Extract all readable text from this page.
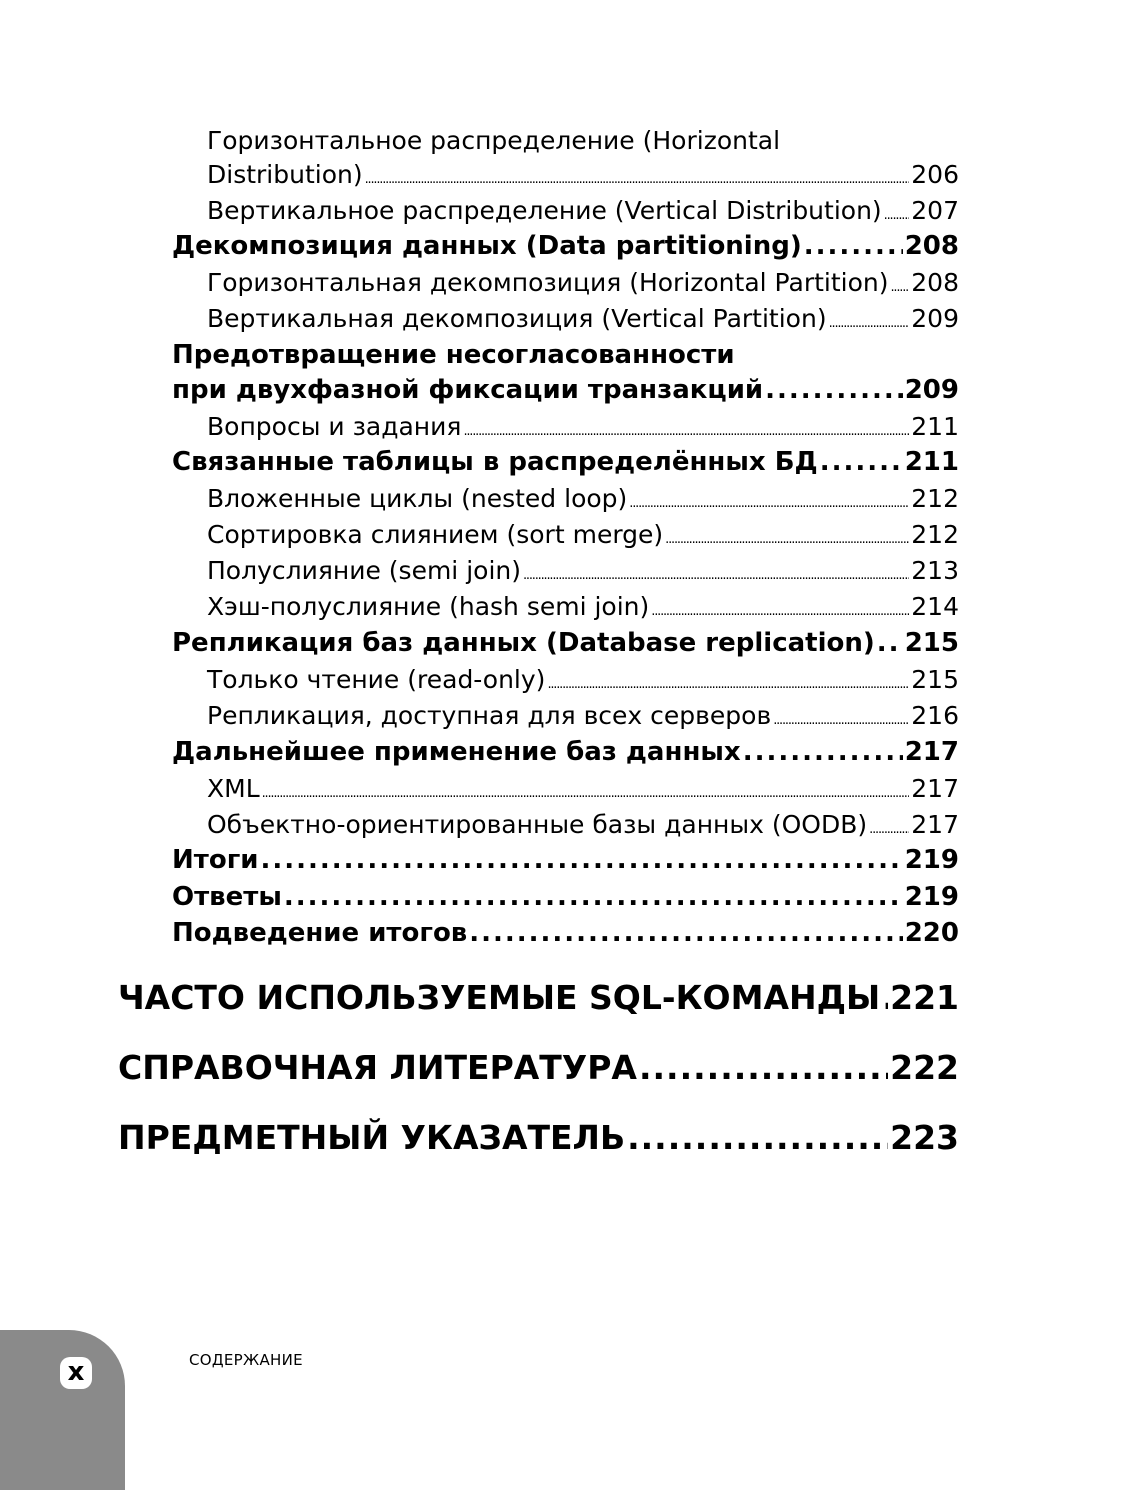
Горизонтальное распределение (Horizontal
Distribution) .....	206
Вертикальное распределение (Vertical Distribution) ..... 207
Декомпозиция данных (Data partitioning) .....	208
Горизонтальная декомпозиция (Horizontal Partition) ..... 208
Вертикальная декомпозиция (Vertical Partition) .....	209
Предотвращение несогласованности
при двухфазной фиксации транзакций .....	209
Вопросы и задания .....	211
Связанные таблицы в распределённых БД .....	211
Вложенные циклы (nested loop) .....	212
Сортировка слиянием (sort merge) .....	212
Полуслияние (semi join) .....	213
Хэш-полуслияние (hash semi join) .....	214
Репликация баз данных (Database replication) ..... 215
Только чтение (read-only) .....	215
Репликация, доступная для всех серверов .....	216
Дальнейшее применение баз данных .....	217
XML .....	217
Объектно-ориентированные базы данных (OODB) ..... 217
Итоги .....	219
Ответы .....	219
Подведение итогов .....	220
ЧАСТО ИСПОЛЬЗУЕМЫЕ SQL-КОМАНДЫ ..... 221
СПРАВОЧНАЯ ЛИТЕРАТУРА .....	222
ПРЕДМЕТНЫЙ УКАЗАТЕЛЬ .....	223
x	СОДЕРЖАНИЕ
